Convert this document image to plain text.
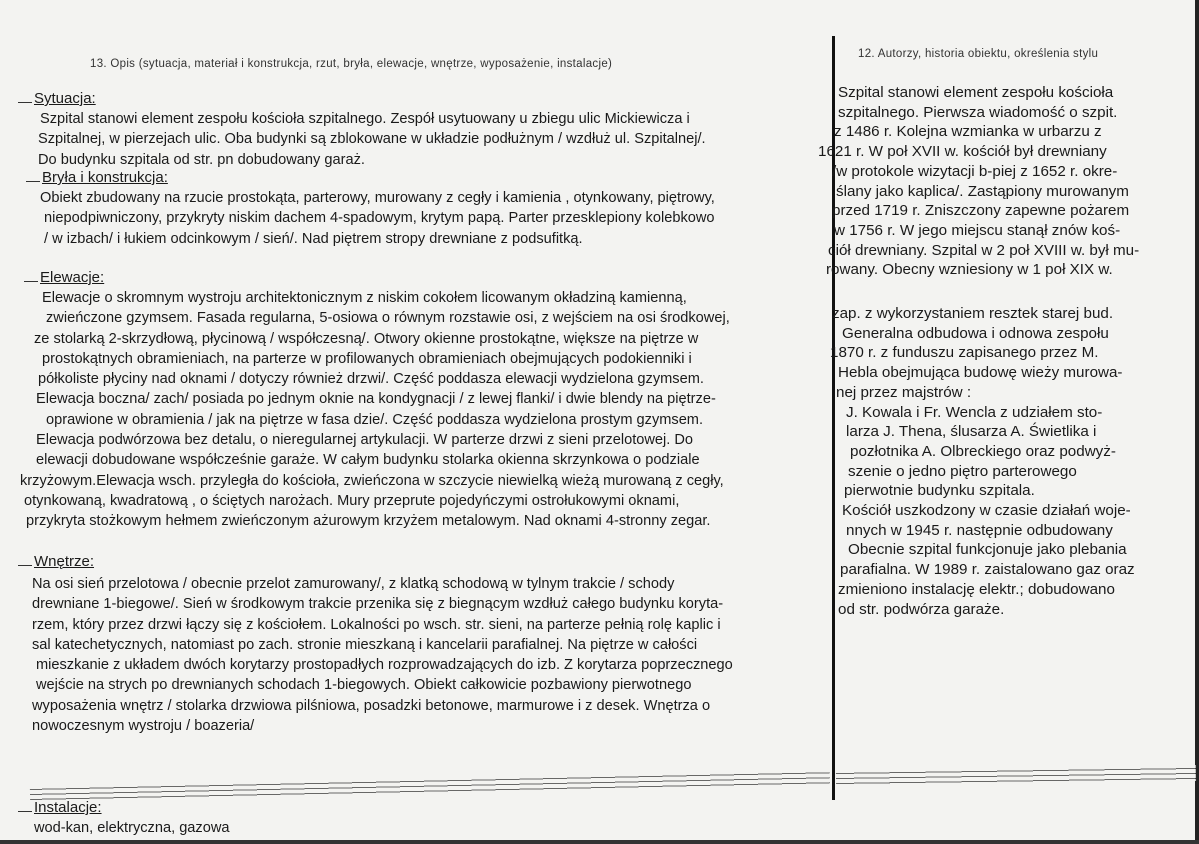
13. Opis (sytuacja, materiał i konstrukcja, rzut, bryła, elewacje, wnętrze, wyposażenie, instalacje)
12. Autorzy, historia obiektu, określenia stylu
Sytuacja:
Szpital stanowi element zespołu kościoła szpitalnego. Zespół usytuowany u zbiegu ulic Mickiewicza i
Szpitalnej, w pierzejach ulic. Oba budynki są zblokowane w układzie podłużnym / wzdłuż ul. Szpitalnej/.
Do budynku szpitala od str. pn dobudowany garaż.
Bryła i konstrukcja:
Obiekt zbudowany na rzucie prostokąta, parterowy, murowany z cegły i kamienia , otynkowany, piętrowy,
niepodpiwniczony, przykryty niskim dachem 4-spadowym, krytym papą. Parter przesklepiony kolebkowo
/ w izbach/ i łukiem odcinkowym / sień/. Nad piętrem stropy drewniane z podsufitką.
Elewacje:
Elewacje o skromnym wystroju architektonicznym z niskim cokołem licowanym okładziną kamienną,
zwieńczone gzymsem. Fasada regularna, 5-osiowa o równym rozstawie osi, z wejściem na osi środkowej,
ze stolarką 2-skrzydłową, płycinową / współczesną/. Otwory okienne prostokątne, większe na piętrze w
prostokątnych obramieniach, na parterze w profilowanych obramieniach obejmujących podokienniki i
półkoliste płyciny nad oknami / dotyczy również drzwi/. Część poddasza elewacji wydzielona gzymsem.
Elewacja boczna/ zach/ posiada po jednym oknie na kondygnacji / z lewej flanki/ i dwie blendy na piętrze-
oprawione w obramienia / jak na piętrze w fasa dzie/. Część poddasza wydzielona prostym gzymsem.
Elewacja podwórzowa bez detalu, o nieregularnej artykulacji. W parterze drzwi z sieni przelotowej. Do
elewacji dobudowane współcześnie garaże. W całym budynku stolarka okienna skrzynkowa o podziale
krzyżowym.Elewacja wsch. przyległa do kościoła, zwieńczona w szczycie niewielką wieżą murowaną z cegły,
otynkowaną, kwadratową , o ściętych narożach. Mury przeprute pojedyńczymi ostrołukowymi oknami,
przykryta stożkowym hełmem zwieńczonym ażurowym krzyżem metalowym. Nad oknami 4-stronny zegar.
Wnętrze:
Na osi sień przelotowa / obecnie przelot zamurowany/, z klatką schodową w tylnym trakcie / schody
drewniane 1-biegowe/. Sień w środkowym trakcie przenika się z biegnącym wzdłuż całego budynku koryta-
rzem, który przez drzwi łączy się z kościołem. Lokalności po wsch. str. sieni, na parterze pełnią rolę kaplic i
sal katechetycznych, natomiast po zach. stronie mieszkaną i kancelarii parafialnej. Na piętrze w całości
mieszkanie z układem dwóch korytarzy prostopadłych rozprowadzających do izb. Z korytarza poprzecznego
wejście na strych po drewnianych schodach 1-biegowych. Obiekt całkowicie pozbawiony pierwotnego
wyposażenia wnętrz / stolarka drzwiowa pilśniowa, posadzki betonowe, marmurowe i z desek. Wnętrza o
nowoczesnym wystroju / boazeria/
Instalacje:
wod-kan, elektryczna, gazowa
Szpital stanowi element zespołu kościoła
szpitalnego. Pierwsza wiadomość o szpit.
z 1486 r. Kolejna wzmianka w urbarzu z
1621 r. W poł XVII w. kościół był drewniany
/w protokole wizytacji b-piej z 1652 r. okre-
ślany jako kaplica/. Zastąpiony murowanym
przed 1719 r. Zniszczony zapewne pożarem
w 1756 r. W jego miejscu stanął znów koś-
ciół drewniany. Szpital w 2 poł XVIII w. był mu-
rowany. Obecny wzniesiony w 1 poł XIX w.
zap. z wykorzystaniem resztek starej bud.
Generalna odbudowa i odnowa zespołu
1870 r. z funduszu zapisanego przez M.
Hebla obejmująca budowę wieży murowa-
nej przez majstrów :
J. Kowala i Fr. Wencla z udziałem sto-
larza J. Thena, ślusarza A. Świetlika i
pozłotnika A. Olbreckiego oraz podwyż-
szenie o jedno piętro parterowego
pierwotnie budynku szpitala.
Kościół uszkodzony w czasie działań woje-
nnych w 1945 r. następnie odbudowany
Obecnie szpital funkcjonuje jako plebania
parafialna. W 1989 r. zaistalowano gaz oraz
zmieniono instalację elektr.; dobudowano
od str. podwórza garaże.
